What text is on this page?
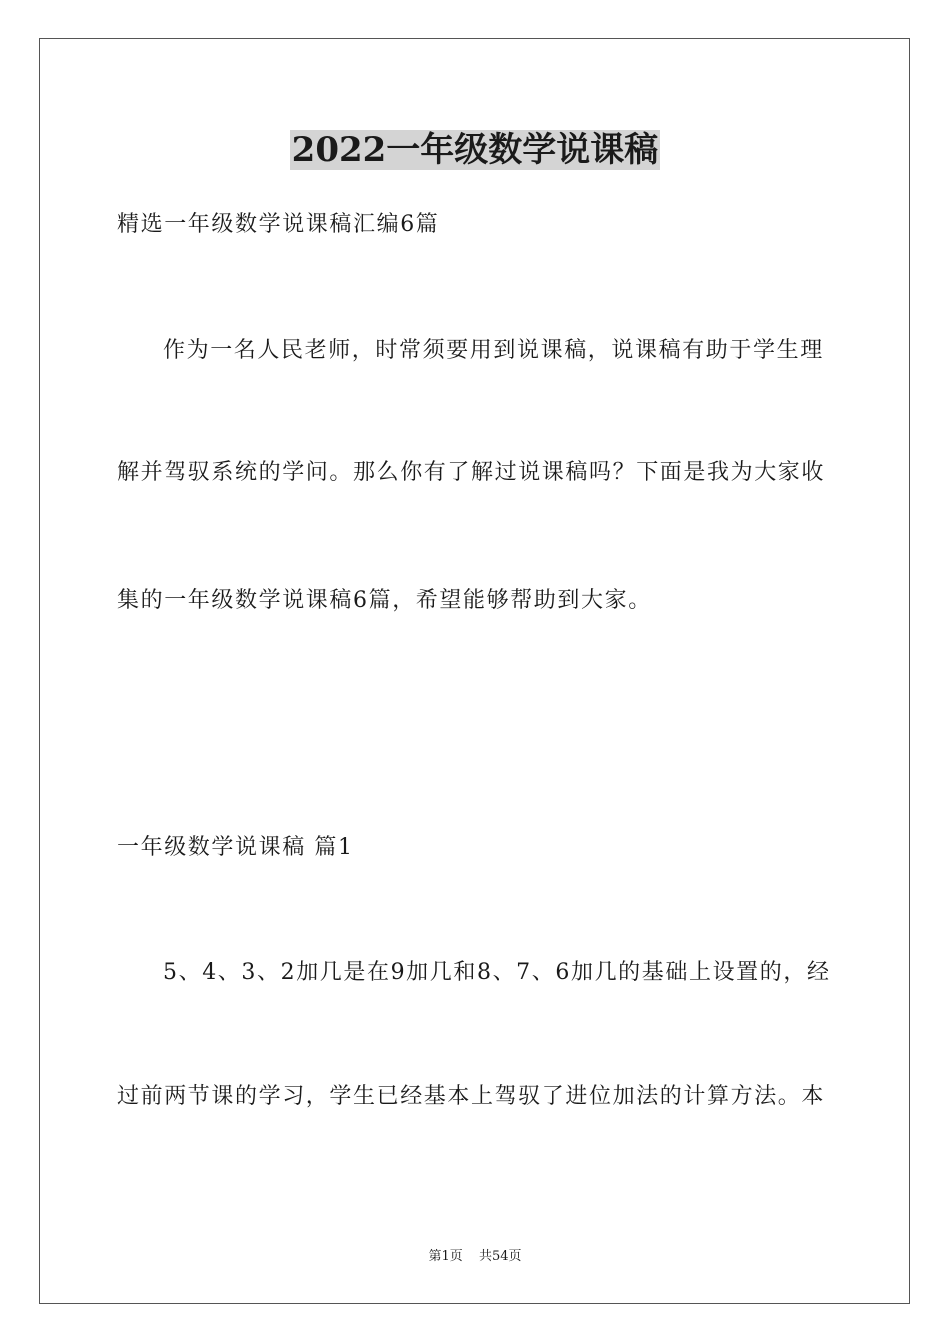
2022一年级数学说课稿
精选一年级数学说课稿汇编6篇
作为一名人民老师，时常须要用到说课稿，说课稿有助于学生理
解并驾驭系统的学问。那么你有了解过说课稿吗？下面是我为大家收
集的一年级数学说课稿6篇，希望能够帮助到大家。
一年级数学说课稿 篇1
5、4、3、2加几是在9加几和8、7、6加几的基础上设置的，经
过前两节课的学习，学生已经基本上驾驭了进位加法的计算方法。本
第1页 共54页
